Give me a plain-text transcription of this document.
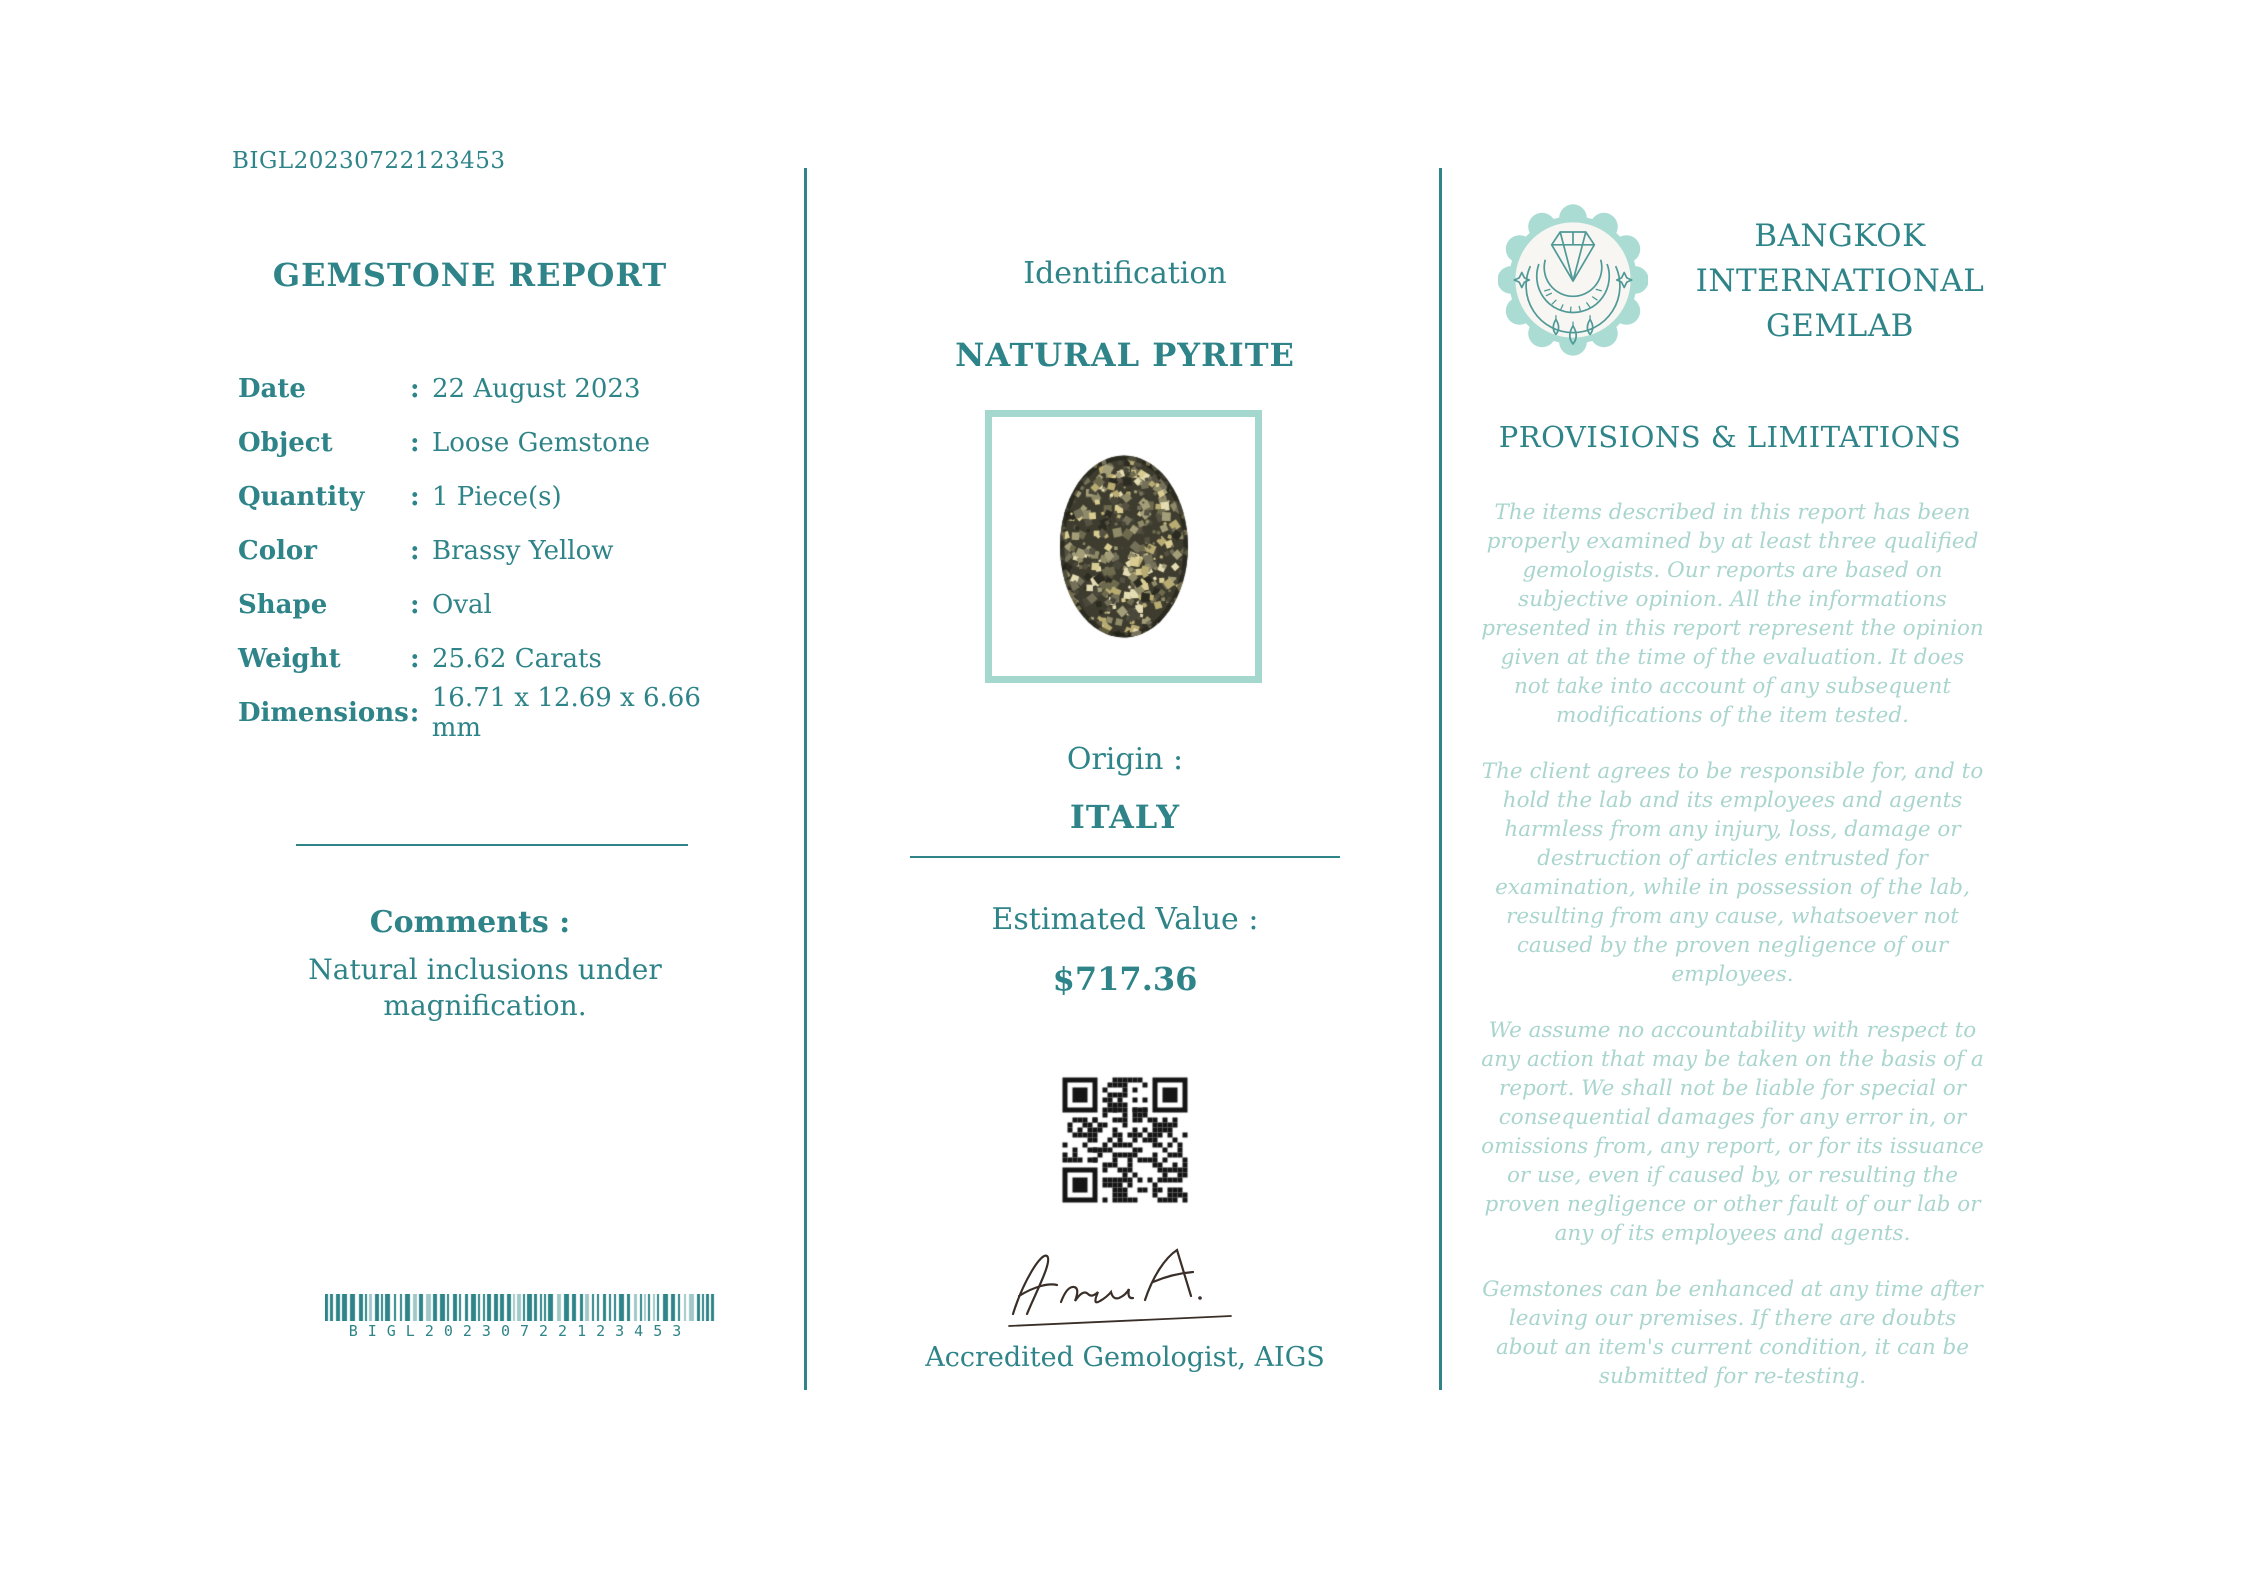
BIGL20230722123453
GEMSTONE REPORT
Date	: 22 August 2023
Object	: Loose Gemstone
Quantity	: 1 Piece(s)
Color	: Brassy Yellow
Shape	: Oval
Weight	: 25.62 Carats
Dimensions : 16.71 x 12.69 x 6.66 mm
Comments :
Natural inclusions under magnification.
BIGL20230722123453
Identification
NATURAL PYRITE
Origin :
ITALY
Estimated Value :
$717.36
Accredited Gemologist, AIGS
BANGKOK
INTERNATIONAL
GEMLAB
PROVISIONS & LIMITATIONS

The items described in this report has been properly examined by at least three qualified gemologists. Our reports are based on subjective opinion. All the informations presented in this report represent the opinion given at the time of the evaluation. It does not take into account of any subsequent modifications of the item tested.

The client agrees to be responsible for, and to hold the lab and its employees and agents harmless from any injury, loss, damage or destruction of articles entrusted for examination, while in possession of the lab, resulting from any cause, whatsoever not caused by the proven negligence of our employees.

We assume no accountability with respect to any action that may be taken on the basis of a report. We shall not be liable for special or consequential damages for any error in, or omissions from, any report, or for its issuance or use, even if caused by, or resulting the proven negligence or other fault of our lab or any of its employees and agents.

Gemstones can be enhanced at any time after leaving our premises. If there are doubts about an item's current condition, it can be submitted for re-testing.
